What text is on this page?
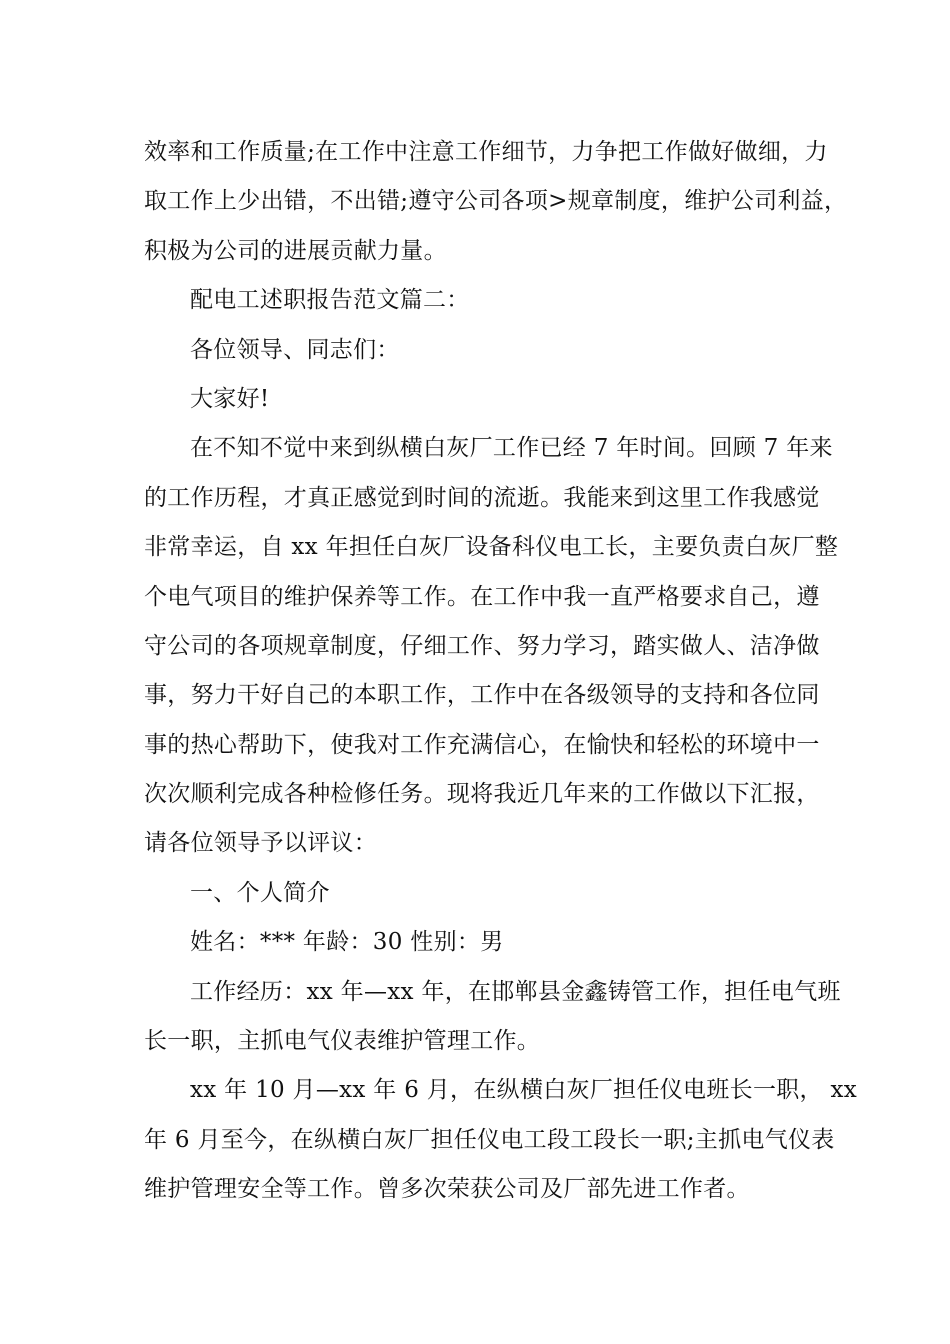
效率和工作质量;在工作中注意工作细节，力争把工作做好做细，力
取工作上少出错，不出错;遵守公司各项>规章制度，维护公司利益，
积极为公司的进展贡献力量。
配电工述职报告范文篇二：
各位领导、同志们：
大家好!
在不知不觉中来到纵横白灰厂工作已经 7 年时间。回顾 7 年来
的工作历程，才真正感觉到时间的流逝。我能来到这里工作我感觉
非常幸运，自 xx 年担任白灰厂设备科仪电工长，主要负责白灰厂整
个电气项目的维护保养等工作。在工作中我一直严格要求自己，遵
守公司的各项规章制度，仔细工作、努力学习，踏实做人、洁净做
事，努力干好自己的本职工作，工作中在各级领导的支持和各位同
事的热心帮助下，使我对工作充满信心，在愉快和轻松的环境中一
次次顺利完成各种检修任务。现将我近几年来的工作做以下汇报，
请各位领导予以评议：
一、个人简介
姓名：*** 年龄：30 性别：男
工作经历：xx 年—xx 年，在邯郸县金鑫铸管工作，担任电气班
长一职，主抓电气仪表维护管理工作。
xx 年 10 月—xx 年 6 月，在纵横白灰厂担任仪电班长一职， xx
年 6 月至今，在纵横白灰厂担任仪电工段工段长一职;主抓电气仪表
维护管理安全等工作。曾多次荣获公司及厂部先进工作者。
